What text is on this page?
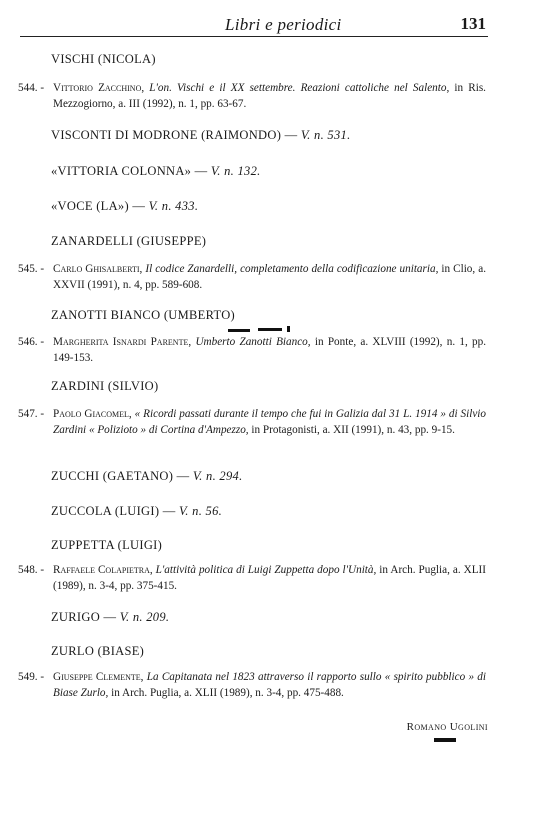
Libri e periodici	131
VISCHI (NICOLA)
544. - Vittorio Zacchino, L'on. Vischi e il XX settembre. Reazioni cattoliche nel Salento, in Ris. Mezzogiorno, a. III (1992), n. 1, pp. 63-67.
VISCONTI DI MODRONE (RAIMONDO) — V. n. 531.
«VITTORIA COLONNA» — V. n. 132.
«VOCE (LA») — V. n. 433.
ZANARDELLI (GIUSEPPE)
545. - Carlo Ghisalberti, Il codice Zanardelli, completamento della codificazione unitaria, in Clio, a. XXVII (1991), n. 4, pp. 589-608.
ZANOTTI BIANCO (UMBERTO)
546. - Margherita Isnardi Parente, Umberto Zanotti Bianco, in Ponte, a. XLVIII (1992), n. 1, pp. 149-153.
ZARDINI (SILVIO)
547. - Paolo Giacomel, « Ricordi passati durante il tempo che fui in Galizia dal 31 L. 1914 » di Silvio Zardini « Polizioto » di Cortina d'Ampezzo, in Protagonisti, a. XII (1991), n. 43, pp. 9-15.
ZUCCHI (GAETANO) — V. n. 294.
ZUCCOLA (LUIGI) — V. n. 56.
ZUPPETTA (LUIGI)
548. - Raffaele Colapietra, L'attività politica di Luigi Zuppetta dopo l'Unità, in Arch. Puglia, a. XLII (1989), n. 3-4, pp. 375-415.
ZURIGO — V. n. 209.
ZURLO (BIASE)
549. - Giuseppe Clemente, La Capitanata nel 1823 attraverso il rapporto sullo « spirito pubblico » di Biase Zurlo, in Arch. Puglia, a. XLII (1989), n. 3-4, pp. 475-488.
Romano Ugolini
